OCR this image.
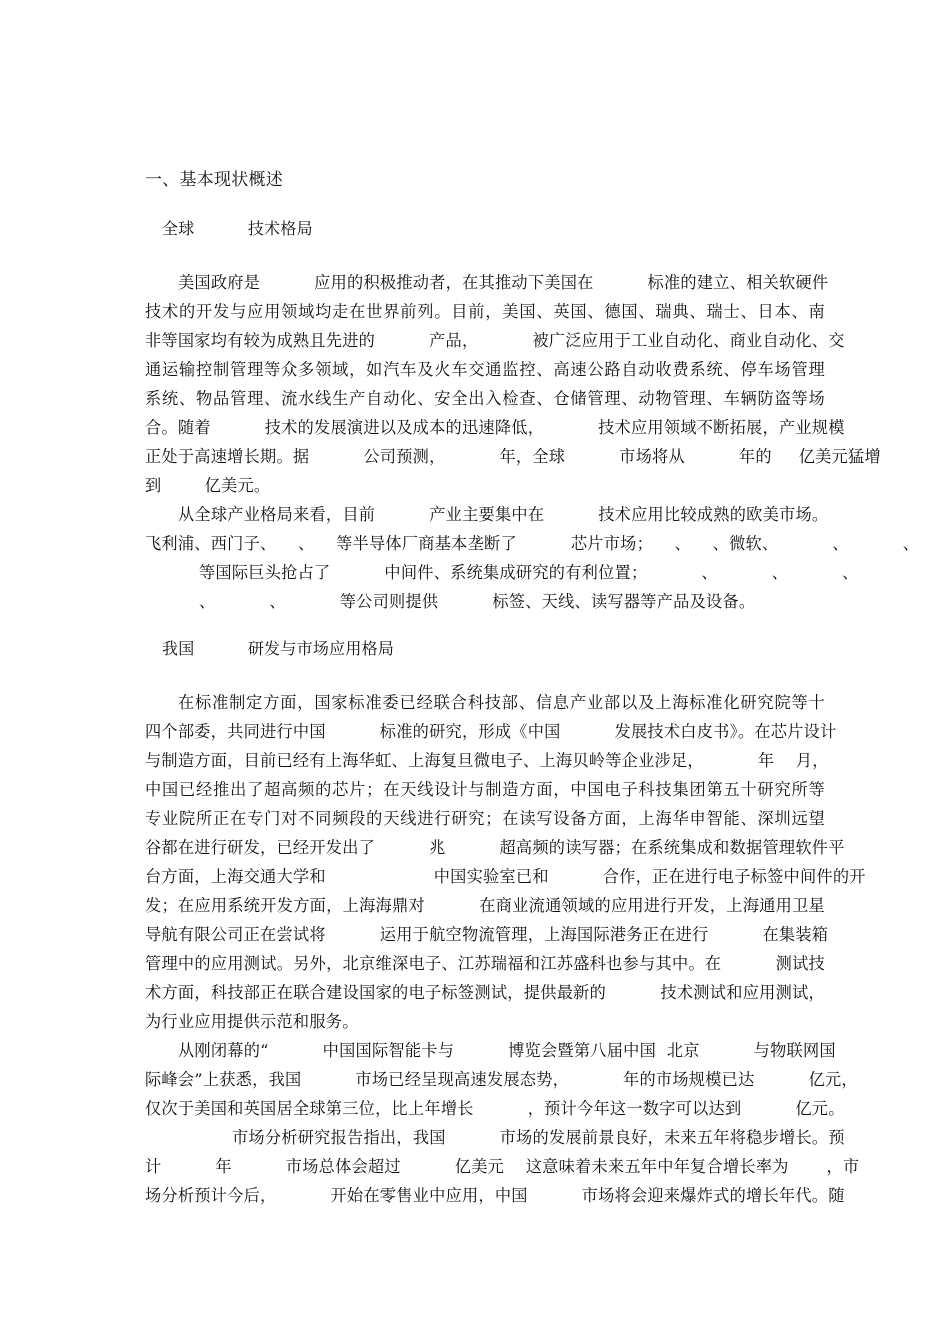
一、基本现状概述
全球          技术格局
美国政府是          应用的积极推动者，在其推动下美国在          标准的建立、相关软硬件
技术的开发与应用领域均走在世界前列。目前，美国、英国、德国、瑞典、瑞士、日本、南
非等国家均有较为成熟且先进的          产品，          被广泛应用于工业自动化、商业自动化、交
通运输控制管理等众多领域，如汽车及火车交通监控、高速公路自动收费系统、停车场管理
系统、物品管理、流水线生产自动化、安全出入检查、仓储管理、动物管理、车辆防盗等场
合。随着          技术的发展演进以及成本的迅速降低，          技术应用领域不断拓展，产业规模
正处于高速增长期。据          公司预测，          年，全球          市场将从          年的     亿美元猛增
到        亿美元。
从全球产业格局来看，目前          产业主要集中在          技术应用比较成熟的欧美市场。
飞利浦、西门子、    、    等半导体厂商基本垄断了          芯片市场；    、    、微软、          、          、
等国际巨头抢占了          中间件、系统集成研究的有利位置；          、          、          、
、          、          等公司则提供          标签、天线、读写器等产品及设备。
我国          研发与市场应用格局
在标准制定方面，国家标准委已经联合科技部、信息产业部以及上海标准化研究院等十
四个部委，共同进行中国          标准的研究，形成《中国          发展技术白皮书》。在芯片设计
与制造方面，目前已经有上海华虹、上海复旦微电子、上海贝岭等企业涉足，          年    月，
中国已经推出了超高频的芯片；在天线设计与制造方面，中国电子科技集团第五十研究所等
专业院所正在专门对不同频段的天线进行研究；在读写设备方面，上海华申智能、深圳远望
谷都在进行研发，已经开发出了          兆          超高频的读写器；在系统集成和数据管理软件平
台方面，上海交通大学和                    中国实验室已和          合作，正在进行电子标签中间件的开
发；在应用系统开发方面，上海海鼎对          在商业流通领域的应用进行开发，上海通用卫星
导航有限公司正在尝试将          运用于航空物流管理，上海国际港务正在进行          在集装箱
管理中的应用测试。另外，北京维深电子、江苏瑞福和江苏盛科也参与其中。在          测试技
术方面，科技部正在联合建设国家的电子标签测试，提供最新的          技术测试和应用测试，
为行业应用提供示范和服务。
从刚闭幕的“          中国国际智能卡与          博览会暨第八届中国  北京          与物联网国
际峰会”上获悉，我国          市场已经呈现高速发展态势，          年的市场规模已达          亿元，
仅次于美国和英国居全球第三位，比上年增长          ，预计今年这一数字可以达到          亿元。
市场分析研究报告指出，我国          市场的发展前景良好，未来五年将稳步增长。预
计          年          市场总体会超过          亿美元    这意味着未来五年中年复合增长率为       ，市
场分析预计今后，          开始在零售业中应用，中国          市场将会迎来爆炸式的增长年代。随
